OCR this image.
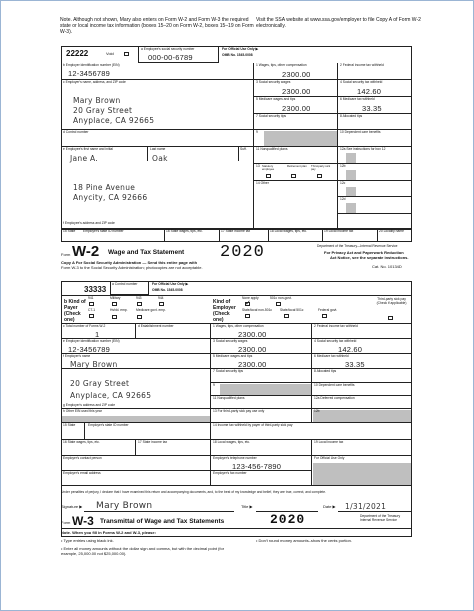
Note. Although not shown, Mary also enters on Form W-2 and Form W-3 the required state or local income tax information (boxes 15–20 on Form W-2, boxes 15–19 on Form W-3).
Visit the SSA website at www.ssa.gov/employer to file Copy A of Form W-2 electronically.
22222	Void
a Employee's social security number
000-00-6789
For Official Use Only ▶
OMB No. 1545-0008
b Employer identification number (EIN)
12-3456789
c Employer's name, address, and ZIP code
Mary Brown
20 Gray Street
Anyplace, CA 92665
d Control number
e Employee's first name and initial	Last name	Suff.
Jane A.	Oak
18 Pine Avenue
Anycity, CA 92666
f Employee's address and ZIP code
1 Wages, tips, other compensation
2300.00
2 Federal income tax withheld
3 Social security wages
2300.00
4 Social security tax withheld
142.60
5 Medicare wages and tips
2300.00
6 Medicare tax withheld
33.35
7 Social security tips	8 Allocated tips
9	10 Dependent care benefits
11 Nonqualified plans	12a See instructions for box 12
12b
12c
12d
13 Statutory employee
Retirement plan Third-party sick pay
14 Other
15 State Employer's state ID number	16 State wages, tips, etc.	17 State income tax	18 Local wages, tips, etc.	19 Local income tax	20 Locality name
Form W-2 Wage and Tax Statement 2020	Department of the Treasury—Internal Revenue Service
Copy A For Social Security Administration — Send this entire page with
Form W-3 to the Social Security Administration; photocopies are not acceptable.
For Privacy Act and Paperwork Reduction
Act Notice, see the separate instructions.
Cat. No. 10134D
33333
a Control number	For Official Use Only ▶
OMB No. 1545-0008
b Kind of Payer (Check one)
941	Military	943	944
CT-1	Hshld. emp.	Medicare govt. emp.
Kind of Employer (Check one)
None apply
✓
501c non-govt.
State/local non-501c State/local 501c	Federal govt.
Third-party sick pay (Check if applicable)
c Total number of Forms W-2
1
d Establishment number
e Employer identification number (EIN)
12-3456789
f Employer's name
Mary Brown
20 Gray Street
Anyplace, CA 92665
g Employer's address and ZIP code
h Other EIN used this year
15 State	Employer's state ID number
1 Wages, tips, other compensation
2300.00
2 Federal income tax withheld
3 Social security wages
2300.00
4 Social security tax withheld
142.60
5 Medicare wages and tips
2300.00
6 Medicare tax withheld
33.35
7 Social security tips	8 Allocated tips
9	10 Dependent care benefits
11 Nonqualified plans	12a Deferred compensation
13 For third-party sick pay use only	12b
14 Income tax withheld by payer of third-party sick pay
16 State wages, tips, etc.	17 State income tax	18 Local wages, tips, etc.	19 Local income tax
Employer's contact person	Employer's telephone number
123-456-7890
For Official Use Only
Employer's email address	Employer's fax number
Under penalties of perjury, I declare that I have examined this return and accompanying documents, and, to the best of my knowledge and belief, they are true, correct, and complete.
Signature ▶ Mary Brown	Title ▶	Date ▶ 1/31/2021
Form W-3 Transmittal of Wage and Tax Statements	2020	Department of the Treasury
Internal Revenue Service
Note. When you fill in Forms W-2 and W-3, please:
• Type entries using black ink.
• Enter all money amounts without the dollar sign and comma, but with the decimal point (for example, 25,000.00 not $25,000.00).
• Don't round money amounts–show the cents portion.
